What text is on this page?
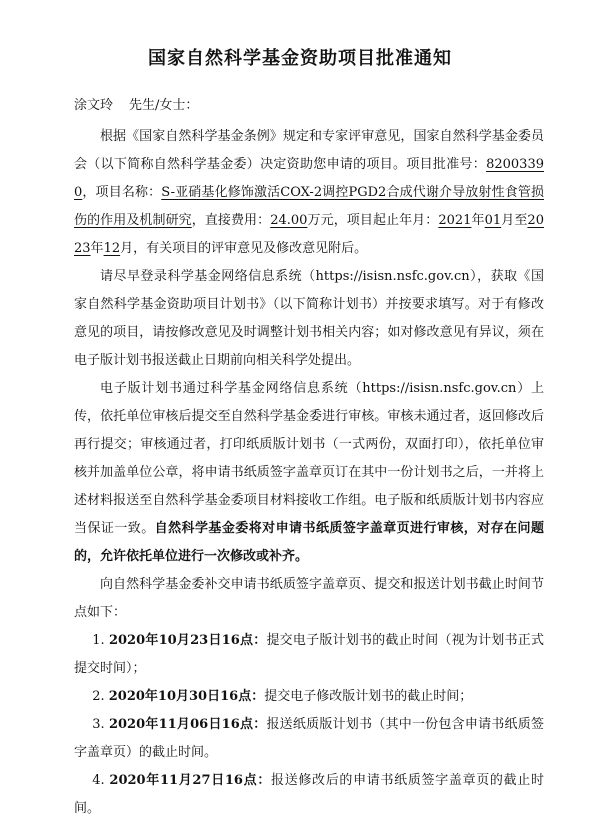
国家自然科学基金资助项目批准通知

涂文玲 先生/女士：

根据《国家自然科学基金条例》规定和专家评审意见，国家自然科学基金委员会（以下简称自然科学基金委）决定资助您申请的项目。项目批准号：82003390，项目名称：S-亚硝基化修饰激活COX-2调控PGD2合成代谢介导放射性食管损伤的作用及机制研究，直接费用：24.00万元，项目起止年月：2021年01月至2023年12月，有关项目的评审意见及修改意见附后。

请尽早登录科学基金网络信息系统（https://isisn.nsfc.gov.cn），获取《国家自然科学基金资助项目计划书》（以下简称计划书）并按要求填写。对于有修改意见的项目，请按修改意见及时调整计划书相关内容；如对修改意见有异议，须在电子版计划书报送截止日期前向相关科学处提出。

电子版计划书通过科学基金网络信息系统（https://isisn.nsfc.gov.cn）上传，依托单位审核后提交至自然科学基金委进行审核。审核未通过者，返回修改后再行提交；审核通过者，打印纸质版计划书（一式两份，双面打印），依托单位审核并加盖单位公章，将申请书纸质签字盖章页订在其中一份计划书之后，一并将上述材料报送至自然科学基金委项目材料接收工作组。电子版和纸质版计划书内容应当保证一致。自然科学基金委将对申请书纸质签字盖章页进行审核，对存在问题的，允许依托单位进行一次修改或补齐。

向自然科学基金委补交申请书纸质签字盖章页、提交和报送计划书截止时间节点如下：

1. 2020年10月23日16点：提交电子版计划书的截止时间（视为计划书正式提交时间）；

2. 2020年10月30日16点：提交电子修改版计划书的截止时间；

3. 2020年11月06日16点：报送纸质版计划书（其中一份包含申请书纸质签字盖章页）的截止时间。

4. 2020年11月27日16点：报送修改后的申请书纸质签字盖章页的截止时间。
